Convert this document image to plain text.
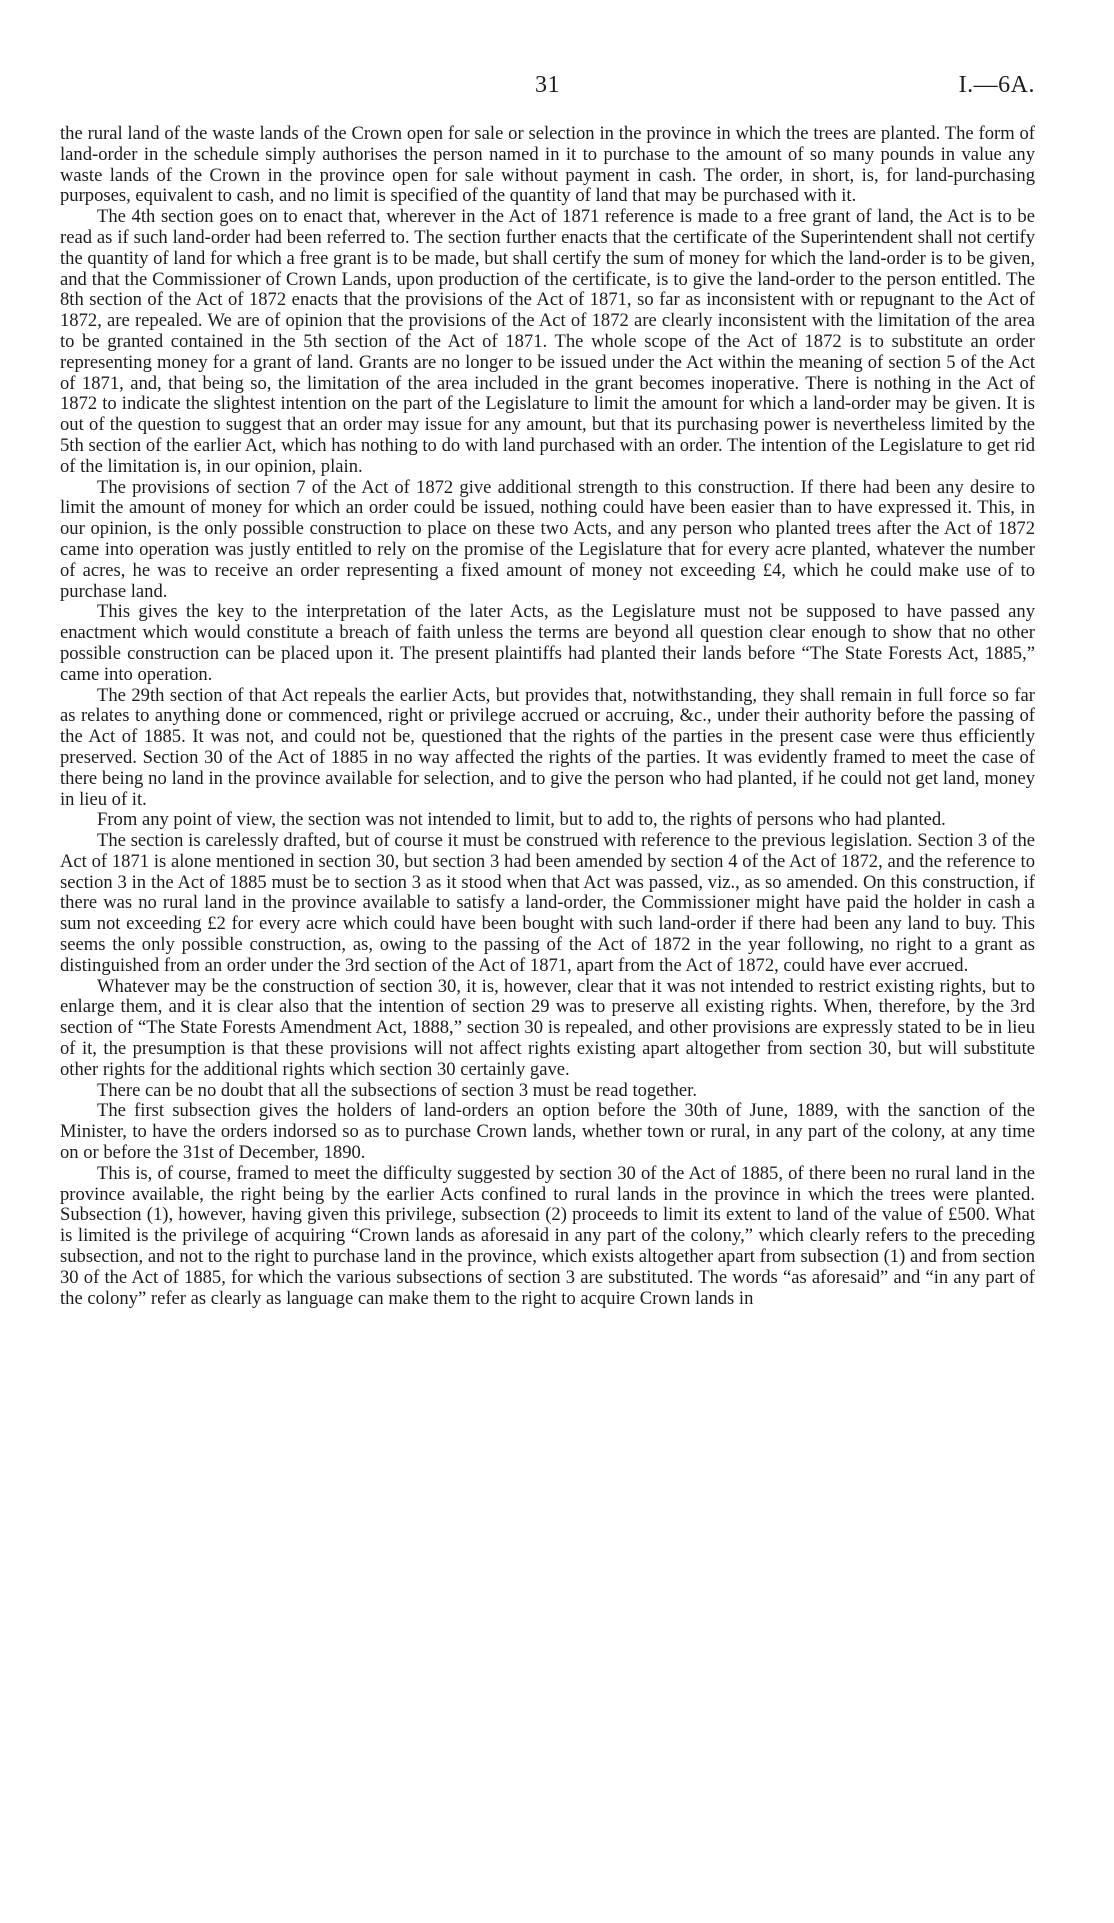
31	I.—6A.

the rural land of the waste lands of the Crown open for sale or selection in the province in which the trees are planted. The form of land-order in the schedule simply authorises the person named in it to purchase to the amount of so many pounds in value any waste lands of the Crown in the province open for sale without payment in cash. The order, in short, is, for land-purchasing purposes, equivalent to cash, and no limit is specified of the quantity of land that may be purchased with it.

The 4th section goes on to enact that, wherever in the Act of 1871 reference is made to a free grant of land, the Act is to be read as if such land-order had been referred to. The section further enacts that the certificate of the Superintendent shall not certify the quantity of land for which a free grant is to be made, but shall certify the sum of money for which the land-order is to be given, and that the Commissioner of Crown Lands, upon production of the certificate, is to give the land-order to the person entitled. The 8th section of the Act of 1872 enacts that the provisions of the Act of 1871, so far as inconsistent with or repugnant to the Act of 1872, are repealed. We are of opinion that the provisions of the Act of 1872 are clearly inconsistent with the limitation of the area to be granted contained in the 5th section of the Act of 1871. The whole scope of the Act of 1872 is to substitute an order representing money for a grant of land. Grants are no longer to be issued under the Act within the meaning of section 5 of the Act of 1871, and, that being so, the limitation of the area included in the grant becomes inoperative. There is nothing in the Act of 1872 to indicate the slightest intention on the part of the Legislature to limit the amount for which a land-order may be given. It is out of the question to suggest that an order may issue for any amount, but that its purchasing power is nevertheless limited by the 5th section of the earlier Act, which has nothing to do with land purchased with an order. The intention of the Legislature to get rid of the limitation is, in our opinion, plain.

The provisions of section 7 of the Act of 1872 give additional strength to this construction. If there had been any desire to limit the amount of money for which an order could be issued, nothing could have been easier than to have expressed it. This, in our opinion, is the only possible construction to place on these two Acts, and any person who planted trees after the Act of 1872 came into operation was justly entitled to rely on the promise of the Legislature that for every acre planted, whatever the number of acres, he was to receive an order representing a fixed amount of money not exceeding £4, which he could make use of to purchase land.

This gives the key to the interpretation of the later Acts, as the Legislature must not be supposed to have passed any enactment which would constitute a breach of faith unless the terms are beyond all question clear enough to show that no other possible construction can be placed upon it. The present plaintiffs had planted their lands before “The State Forests Act, 1885,” came into operation.

The 29th section of that Act repeals the earlier Acts, but provides that, notwithstanding, they shall remain in full force so far as relates to anything done or commenced, right or privilege accrued or accruing, &c., under their authority before the passing of the Act of 1885. It was not, and could not be, questioned that the rights of the parties in the present case were thus efficiently preserved. Section 30 of the Act of 1885 in no way affected the rights of the parties. It was evidently framed to meet the case of there being no land in the province available for selection, and to give the person who had planted, if he could not get land, money in lieu of it.

From any point of view, the section was not intended to limit, but to add to, the rights of persons who had planted.

The section is carelessly drafted, but of course it must be construed with reference to the previous legislation. Section 3 of the Act of 1871 is alone mentioned in section 30, but section 3 had been amended by section 4 of the Act of 1872, and the reference to section 3 in the Act of 1885 must be to section 3 as it stood when that Act was passed, viz., as so amended. On this construction, if there was no rural land in the province available to satisfy a land-order, the Commissioner might have paid the holder in cash a sum not exceeding £2 for every acre which could have been bought with such land-order if there had been any land to buy. This seems the only possible construction, as, owing to the passing of the Act of 1872 in the year following, no right to a grant as distinguished from an order under the 3rd section of the Act of 1871, apart from the Act of 1872, could have ever accrued.

Whatever may be the construction of section 30, it is, however, clear that it was not intended to restrict existing rights, but to enlarge them, and it is clear also that the intention of section 29 was to preserve all existing rights. When, therefore, by the 3rd section of “The State Forests Amendment Act, 1888,” section 30 is repealed, and other provisions are expressly stated to be in lieu of it, the presumption is that these provisions will not affect rights existing apart altogether from section 30, but will substitute other rights for the additional rights which section 30 certainly gave.

There can be no doubt that all the subsections of section 3 must be read together.

The first subsection gives the holders of land-orders an option before the 30th of June, 1889, with the sanction of the Minister, to have the orders indorsed so as to purchase Crown lands, whether town or rural, in any part of the colony, at any time on or before the 31st of December, 1890.

This is, of course, framed to meet the difficulty suggested by section 30 of the Act of 1885, of there been no rural land in the province available, the right being by the earlier Acts confined to rural lands in the province in which the trees were planted. Subsection (1), however, having given this privilege, subsection (2) proceeds to limit its extent to land of the value of £500. What is limited is the privilege of acquiring “Crown lands as aforesaid in any part of the colony,” which clearly refers to the preceding subsection, and not to the right to purchase land in the province, which exists altogether apart from subsection (1) and from section 30 of the Act of 1885, for which the various subsections of section 3 are substituted. The words “as aforesaid” and “in any part of the colony” refer as clearly as language can make them to the right to acquire Crown lands in
